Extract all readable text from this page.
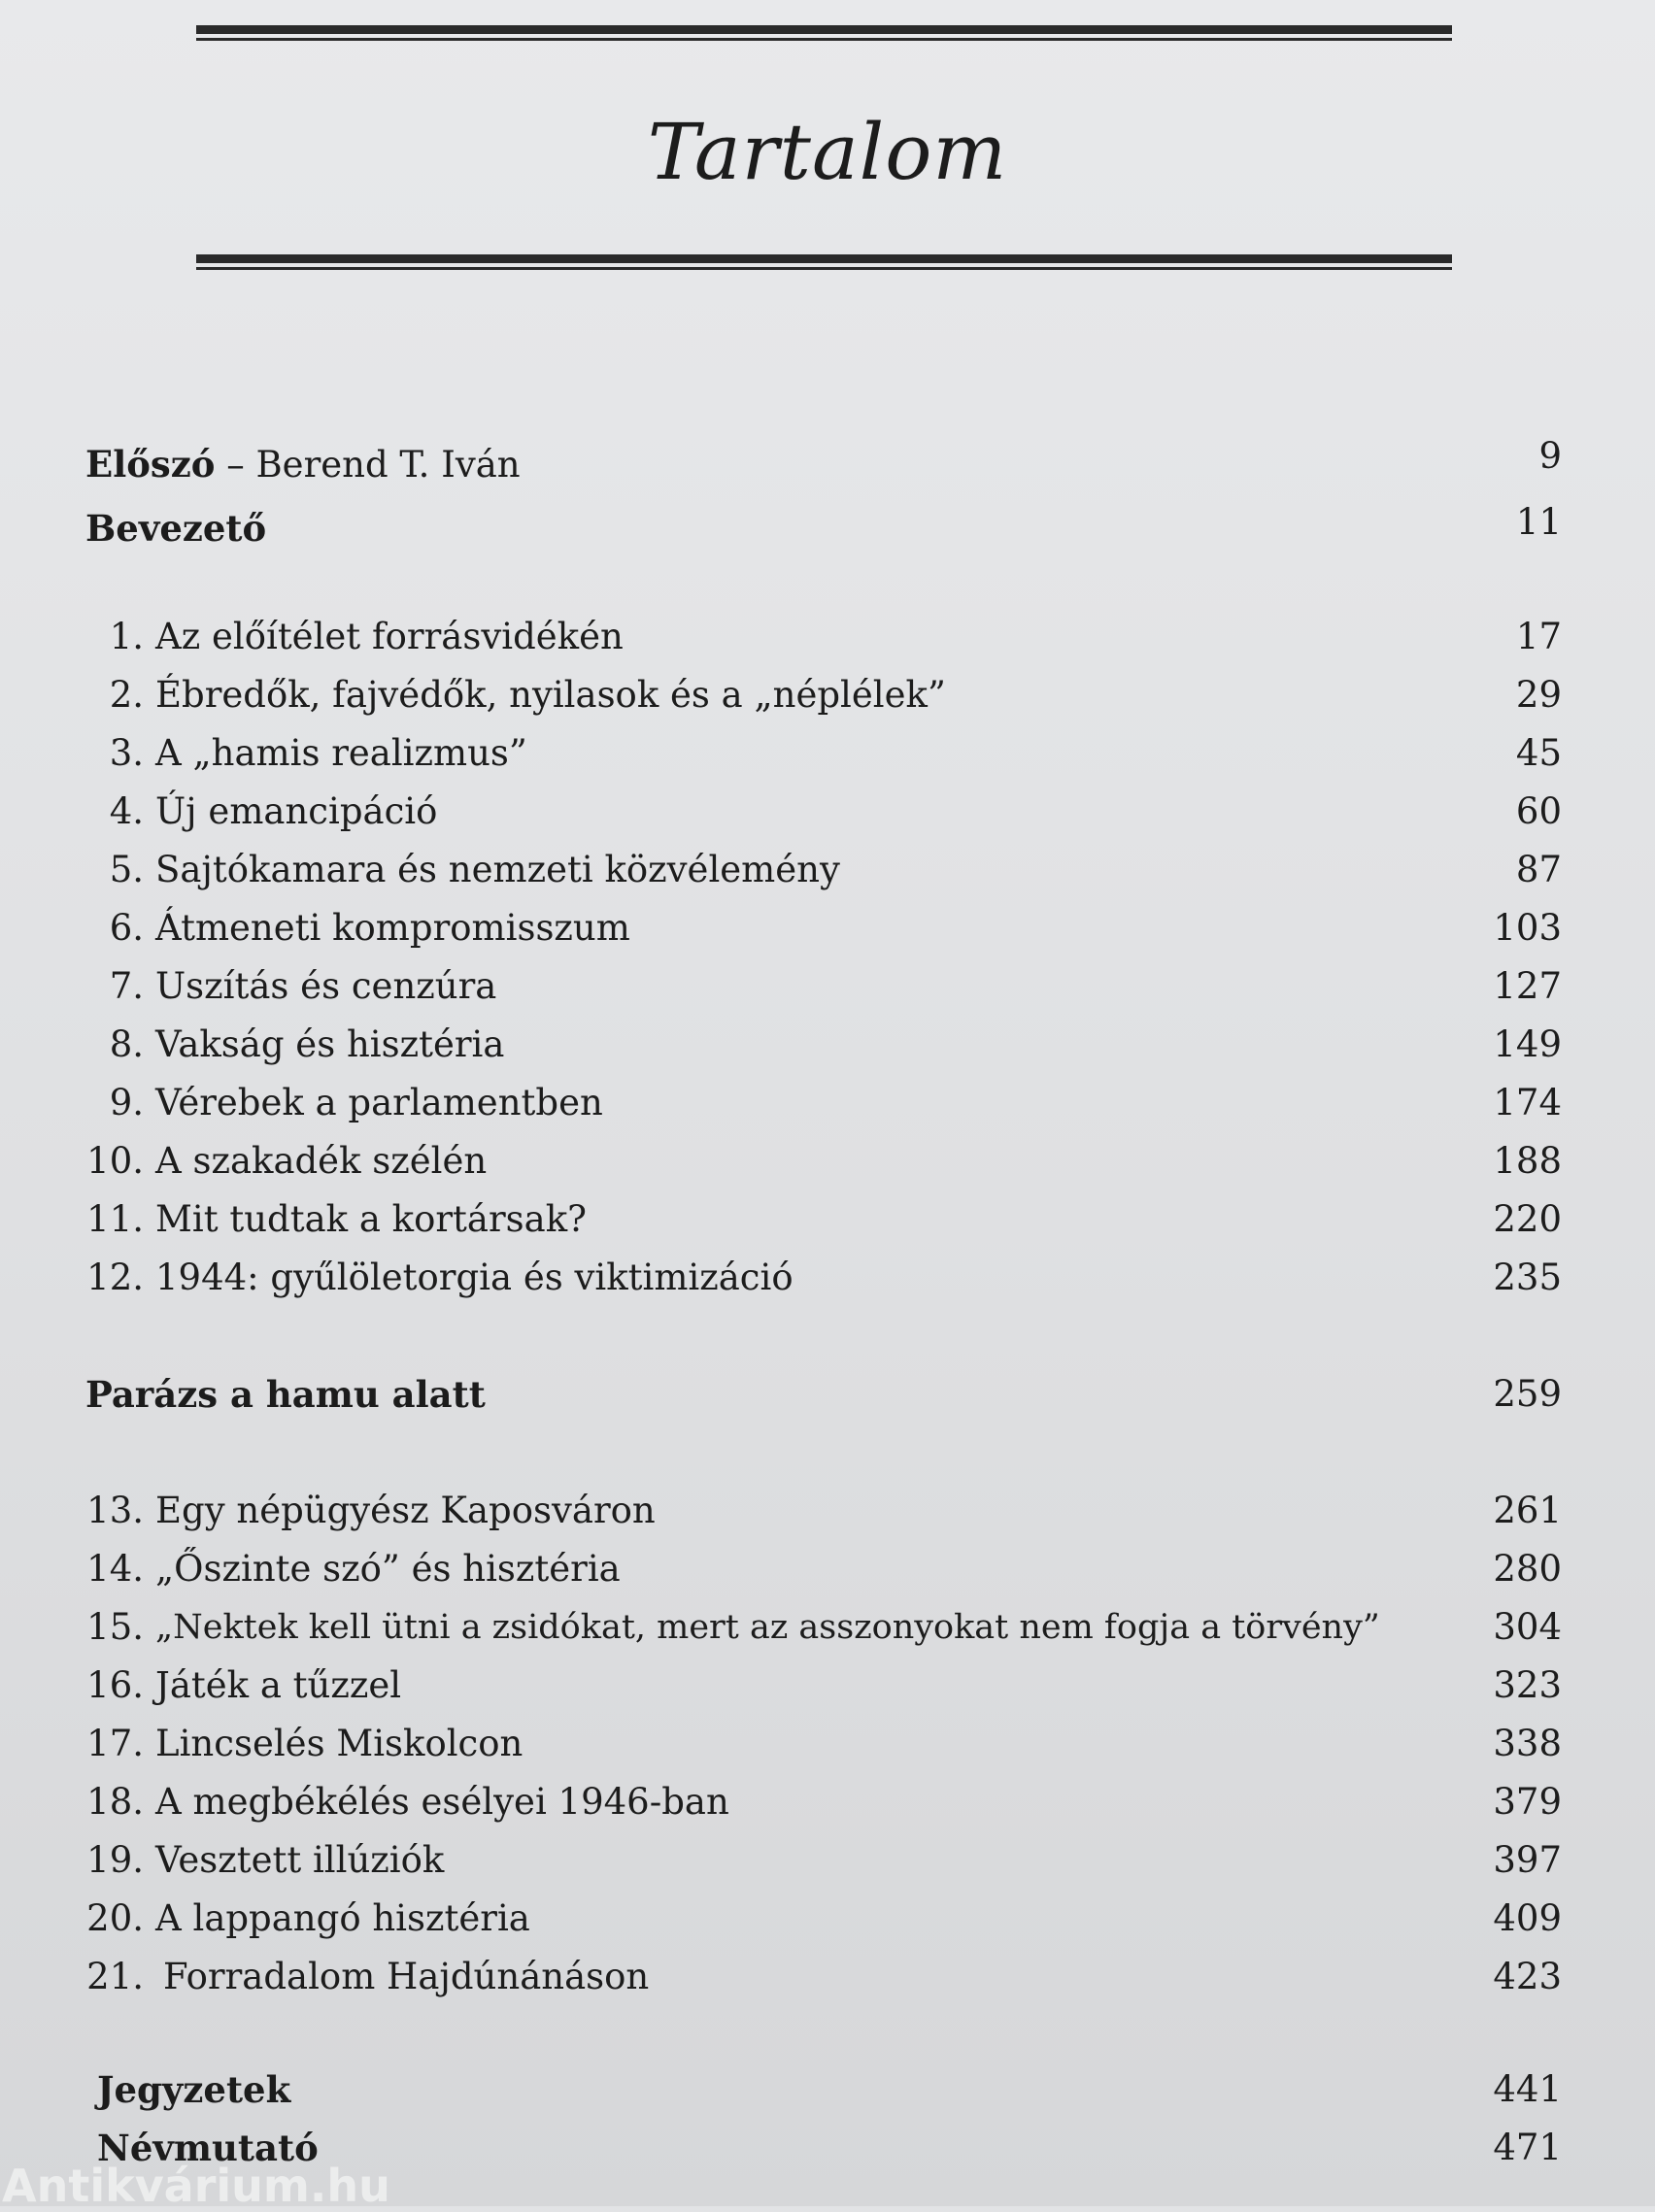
Tartalom
Előszó – Berend T. Iván	9
Bevezető	11
1. Az előítélet forrásvidékén	17
2. Ébredők, fajvédők, nyilasok és a „néplélek”	29
3. A „hamis realizmus”	45
4. Új emancipáció	60
5. Sajtókamara és nemzeti közvélemény	87
6. Átmeneti kompromisszum	103
7. Uszítás és cenzúra	127
8. Vakság és hisztéria	149
9. Vérebek a parlamentben	174
10. A szakadék szélén	188
11. Mit tudtak a kortársak?	220
12. 1944: gyűlöletorgia és viktimizáció	235
Parázs a hamu alatt	259
13. Egy népügyész Kaposváron	261
14. „Őszinte szó” és hisztéria	280
15. „Nektek kell ütni a zsidókat, mert az asszonyokat nem fogja a törvény”	304
16. Játék a tűzzel	323
17. Lincselés Miskolcon	338
18. A megbékélés esélyei 1946-ban	379
19. Vesztett illúziók	397
20. A lappangó hisztéria	409
21. Forradalom Hajdúnánáson	423
Jegyzetek	441
Névmutató	471
Antikvárium.hu
